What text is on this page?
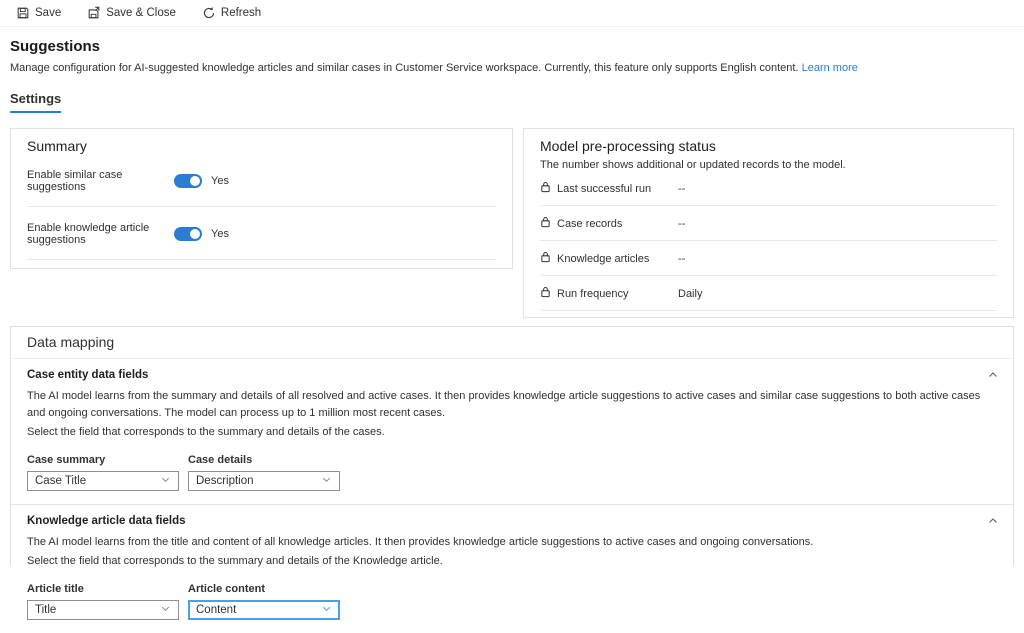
Save	Save & Close	Refresh
Suggestions
Manage configuration for AI-suggested knowledge articles and similar cases in Customer Service workspace. Currently, this feature only supports English content. Learn more
Settings
Summary
Enable similar case suggestions	Yes
Enable knowledge article suggestions	Yes
Model pre-processing status
The number shows additional or updated records to the model.
Last successful run --
Case records	--
Knowledge articles	--
Run frequency	Daily
Data mapping
Case entity data fields
The AI model learns from the summary and details of all resolved and active cases. It then provides knowledge article suggestions to active cases and similar case suggestions to both active cases and ongoing conversations. The model can process up to 1 million most recent cases.
Select the field that corresponds to the summary and details of the cases.
Case summary
Case Title
Case details
Description
Knowledge article data fields
The AI model learns from the title and content of all knowledge articles. It then provides knowledge article suggestions to active cases and ongoing conversations.
Select the field that corresponds to the summary and details of the Knowledge article.
Article title
Title
Article content
Content
